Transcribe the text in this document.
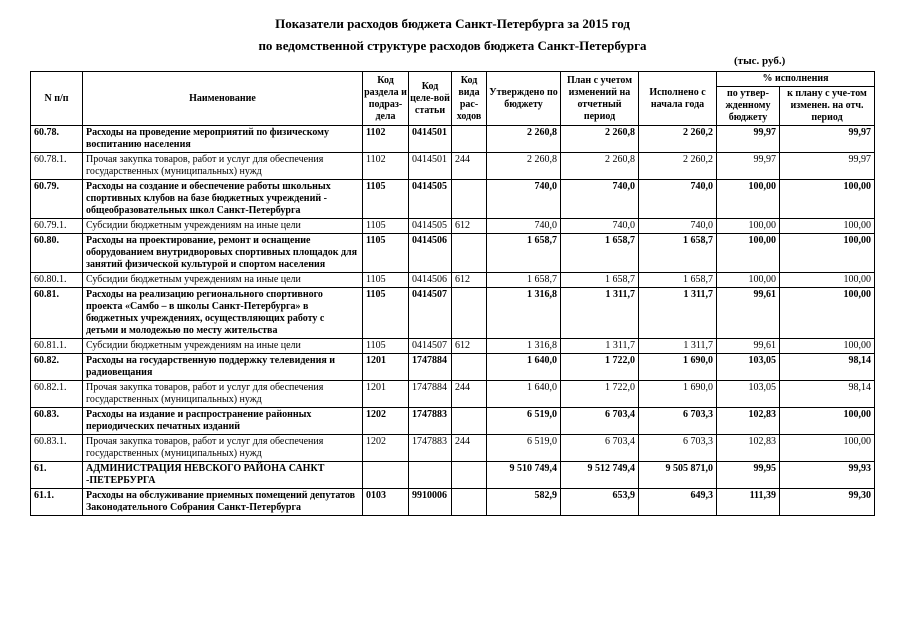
Показатели расходов бюджета Санкт-Петербурга за 2015 год
по ведомственной структуре расходов бюджета Санкт-Петербурга
(тыс. руб.)
N п/п	Наименование	Код раздела и подраз-дела	Код целе-вой статьи	Код вида рас-ходов	Утверждено по бюджету	План с учетом изменений на отчетный период	Исполнено с начала года	% исполнения	
								по утвер-жденному бюджету	к плану с уче-том изменен. на отч. период
60.78.	Расходы на проведение мероприятий по физическому воспитанию населения	1102	0414501		2 260,8	2 260,8	2 260,2	99,97	99,97
60.78.1.	Прочая закупка товаров, работ и услуг для обеспечения государственных (муниципальных) нужд	1102	0414501	244	2 260,8	2 260,8	2 260,2	99,97	99,97
60.79.	Расходы на создание и обеспечение работы школьных спортивных клубов на базе бюджетных учреждений - общеобразовательных школ Санкт-Петербурга	1105	0414505		740,0	740,0	740,0	100,00	100,00
60.79.1.	Субсидии бюджетным учреждениям на иные цели	1105	0414505	612	740,0	740,0	740,0	100,00	100,00
60.80.	Расходы на проектирование, ремонт и оснащение оборудованием внутридворовых спортивных площадок для занятий физической культурой и спортом населения	1105	0414506		1 658,7	1 658,7	1 658,7	100,00	100,00
60.80.1.	Субсидии бюджетным учреждениям на иные цели	1105	0414506	612	1 658,7	1 658,7	1 658,7	100,00	100,00
60.81.	Расходы на реализацию регионального спортивного проекта «Самбо – в школы Санкт-Петербурга» в бюджетных учреждениях, осуществляющих работу с детьми и молодежью по месту жительства	1105	0414507		1 316,8	1 311,7	1 311,7	99,61	100,00
60.81.1.	Субсидии бюджетным учреждениям на иные цели	1105	0414507	612	1 316,8	1 311,7	1 311,7	99,61	100,00
60.82.	Расходы на государственную поддержку телевидения и радиовещания	1201	1747884		1 640,0	1 722,0	1 690,0	103,05	98,14
60.82.1.	Прочая закупка товаров, работ и услуг для обеспечения государственных (муниципальных) нужд	1201	1747884	244	1 640,0	1 722,0	1 690,0	103,05	98,14
60.83.	Расходы на издание и распространение районных периодических печатных изданий	1202	1747883		6 519,0	6 703,4	6 703,3	102,83	100,00
60.83.1.	Прочая закупка товаров, работ и услуг для обеспечения государственных (муниципальных) нужд	1202	1747883	244	6 519,0	6 703,4	6 703,3	102,83	100,00
61.	АДМИНИСТРАЦИЯ НЕВСКОГО РАЙОНА САНКТ -ПЕТЕРБУРГА				9 510 749,4	9 512 749,4	9 505 871,0	99,95	99,93
61.1.	Расходы на обслуживание приемных помещений депутатов Законодательного Собрания Санкт-Петербурга	0103	9910006		582,9	653,9	649,3	111,39	99,30
